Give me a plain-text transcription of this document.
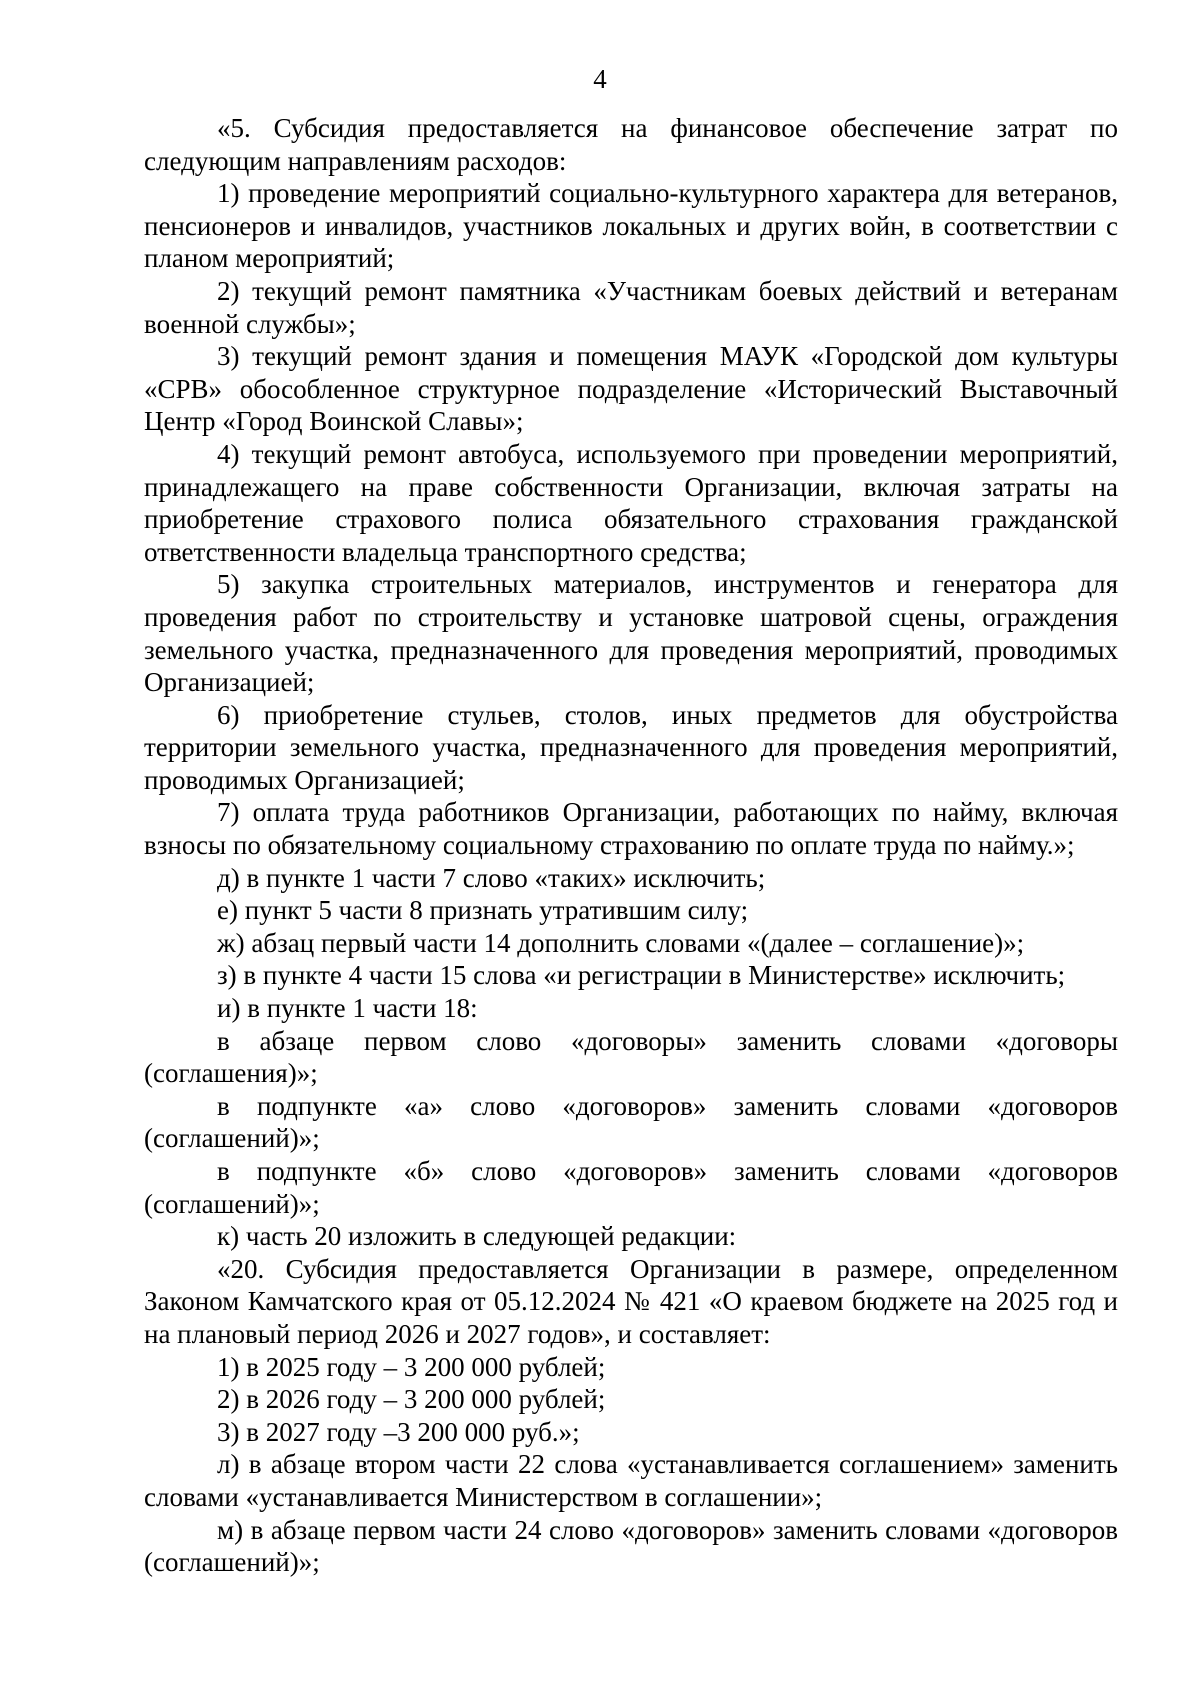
4

«5. Субсидия предоставляется на финансовое обеспечение затрат по следующим направлениям расходов:

1) проведение мероприятий социально-культурного характера для ветеранов, пенсионеров и инвалидов, участников локальных и других войн, в соответствии с планом мероприятий;

2) текущий ремонт памятника «Участникам боевых действий и ветеранам военной службы»;

3) текущий ремонт здания и помещения МАУК «Городской дом культуры «СРВ» обособленное структурное подразделение «Исторический Выставочный Центр «Город Воинской Славы»;

4) текущий ремонт автобуса, используемого при проведении мероприятий, принадлежащего на праве собственности Организации, включая затраты на приобретение страхового полиса обязательного страхования гражданской ответственности владельца транспортного средства;

5) закупка строительных материалов, инструментов и генератора для проведения работ по строительству и установке шатровой сцены, ограждения земельного участка, предназначенного для проведения мероприятий, проводимых Организацией;

6) приобретение стульев, столов, иных предметов для обустройства территории земельного участка, предназначенного для проведения мероприятий, проводимых Организацией;

7) оплата труда работников Организации, работающих по найму, включая взносы по обязательному социальному страхованию по оплате труда по найму.»;

д) в пункте 1 части 7 слово «таких» исключить;

е) пункт 5 части 8 признать утратившим силу;

ж) абзац первый части 14 дополнить словами «(далее – соглашение)»;

з) в пункте 4 части 15 слова «и регистрации в Министерстве» исключить;

и) в пункте 1 части 18:

в абзаце первом слово «договоры» заменить словами «договоры (соглашения)»;

в подпункте «а» слово «договоров» заменить словами «договоров (соглашений)»;

в подпункте «б» слово «договоров» заменить словами «договоров (соглашений)»;

к) часть 20 изложить в следующей редакции:

«20. Субсидия предоставляется Организации в размере, определенном Законом Камчатского края от 05.12.2024 № 421 «О краевом бюджете на 2025 год и на плановый период 2026 и 2027 годов», и составляет:

1) в 2025 году – 3 200 000 рублей;

2) в 2026 году – 3 200 000 рублей;

3) в 2027 году –3 200 000 руб.»;

л) в абзаце втором части 22 слова «устанавливается соглашением» заменить словами «устанавливается Министерством в соглашении»;

м) в абзаце первом части 24 слово «договоров» заменить словами «договоров (соглашений)»;
